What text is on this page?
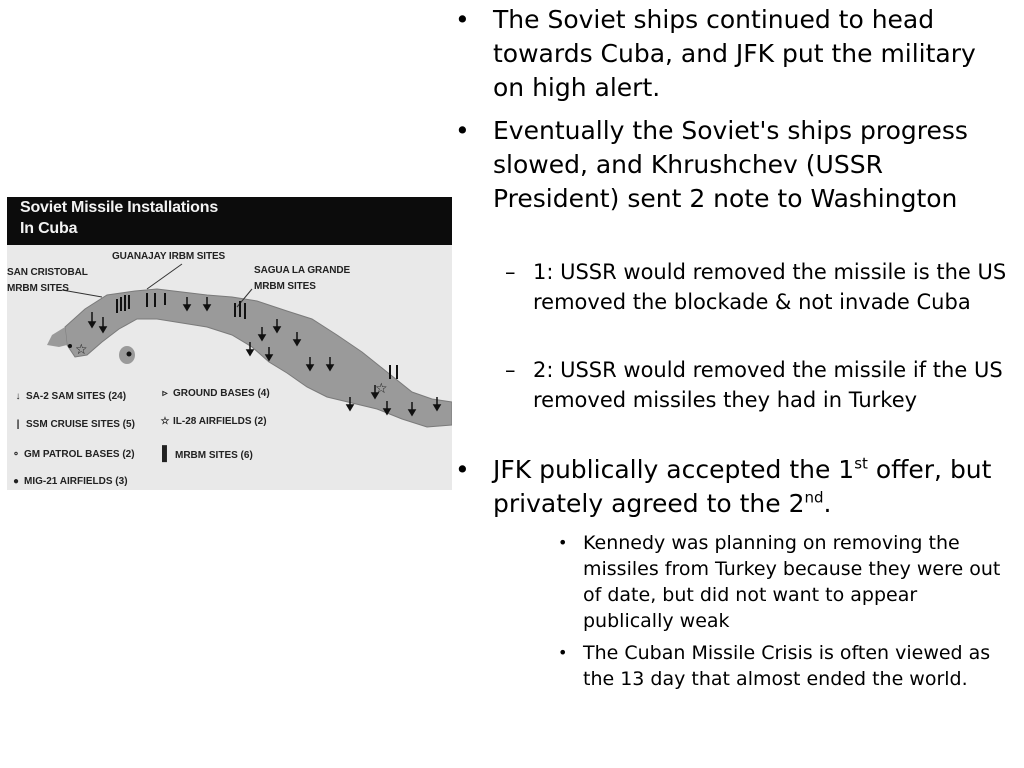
Soviet Missile Installations
In Cuba
☆
☆
GUANAJAY IRBM SITES
SAN CRISTOBAL
MRBM SITES
SAGUA LA GRANDE
MRBM SITES
↓ SA-2 SAM SITES (24)
| SSM CRUISE SITES (5)
∘ GM PATROL BASES (2)
● MIG-21 AIRFIELDS (3)
▹ GROUND BASES (4)
☆ IL-28 AIRFIELDS (2)
▌ MRBM SITES (6)
• The Soviet ships continued to head towards Cuba, and JFK put the military on high alert.
• Eventually the Soviet's ships progress slowed, and Khrushchev (USSR President) sent 2 note to Washington
– 1: USSR would removed the missile is the US removed the blockade & not invade Cuba
– 2: USSR would removed the missile if the US removed missiles they had in Turkey
• JFK publically accepted the 1st offer, but privately agreed to the 2nd.
• Kennedy was planning on removing the missiles from Turkey because they were out of date, but did not want to appear publically weak
• The Cuban Missile Crisis is often viewed as the 13 day that almost ended the world.
